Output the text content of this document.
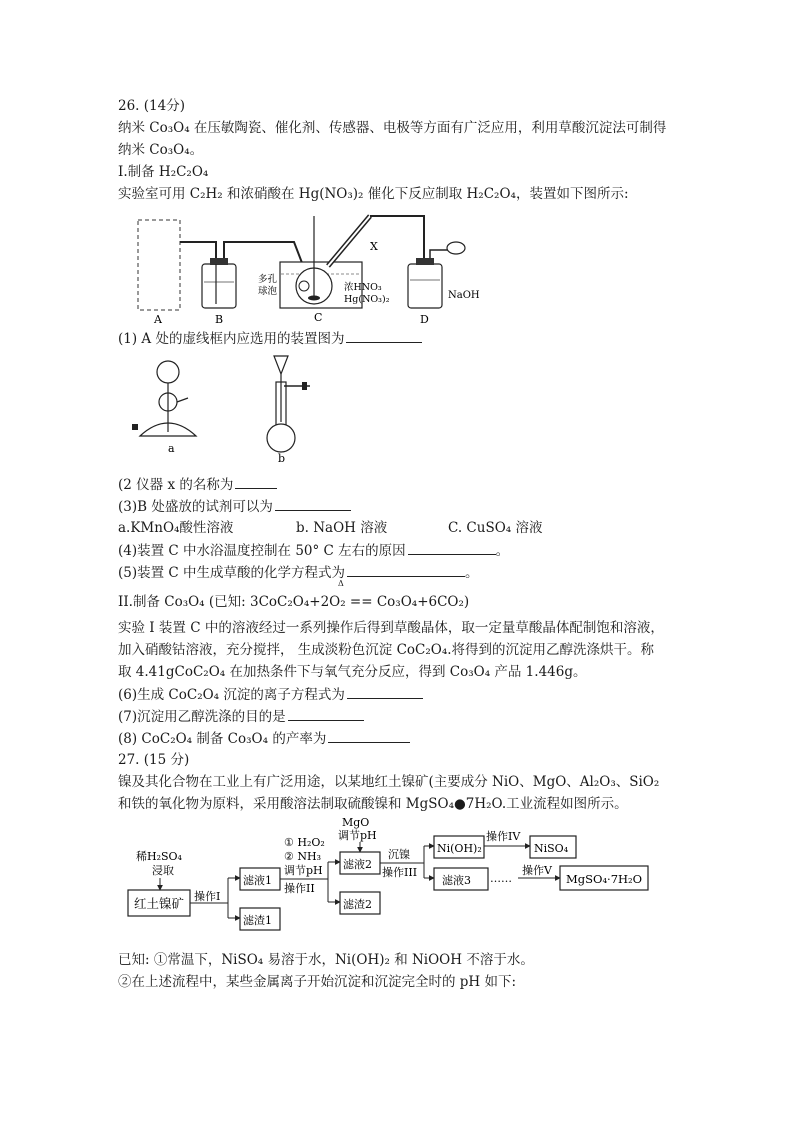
26. (14分)
纳米 Co₃O₄ 在压敏陶瓷、催化剂、传感器、电极等方面有广泛应用，利用草酸沉淀法可制得
纳米 Co₃O₄。
I.制备 H₂C₂O₄
实验室可用 C₂H₂ 和浓硝酸在 Hg(NO₃)₂ 催化下反应制取 H₂C₂O₄，装置如下图所示:
A	B	C	D
X
多孔
球泡	浓HNO₃
Hg(NO₃)₂	NaOH
(1) A 处的虚线框内应选用的装置图为
a
b
(2 仪器 x 的名称为
(3)B 处盛放的试剂可以为
a.KMnO₄酸性溶液	b. NaOH 溶液	C. CuSO₄ 溶液
(4)装置 C 中水浴温度控制在 50° C 左右的原因	。
(5)装置 C 中生成草酸的化学方程式为	。
Δ
II.制备 Co₃O₄ (已知: 3CoC₂O₄+2O₂ == Co₃O₄+6CO₂)
实验 I 装置 C 中的溶液经过一系列操作后得到草酸晶体，取一定量草酸晶体配制饱和溶液，
加入硝酸钴溶液，充分搅拌， 生成淡粉色沉淀 CoC₂O₄.将得到的沉淀用乙醇洗涤烘干。称
取 4.41gCoC₂O₄ 在加热条件下与氧气充分反应，得到 Co₃O₄ 产品 1.446g。
(6)生成 CoC₂O₄ 沉淀的离子方程式为
(7)沉淀用乙醇洗涤的目的是
(8) CoC₂O₄ 制备 Co₃O₄ 的产率为
27. (15 分)
镍及其化合物在工业上有广泛用途，以某地红土镍矿(主要成分 NiO、MgO、Al₂O₃、SiO₂
和铁的氧化物为原料，采用酸溶法制取硫酸镍和 MgSO₄●7H₂O.工业流程如图所示。
红土镍矿
稀H₂SO₄
浸取
操作I
滤液1
滤渣1
① H₂O₂
② NH₃
调节pH
操作II
滤液2
滤渣2
MgO
调节 pH
沉镍
操作III
Ni(OH)₂
滤液3
操作IV
NiSO₄
……
操作V
MgSO₄·7H₂O
已知: ①常温下，NiSO₄ 易溶于水，Ni(OH)₂ 和 NiOOH 不溶于水。
②在上述流程中，某些金属离子开始沉淀和沉淀完全时的 pH 如下:
